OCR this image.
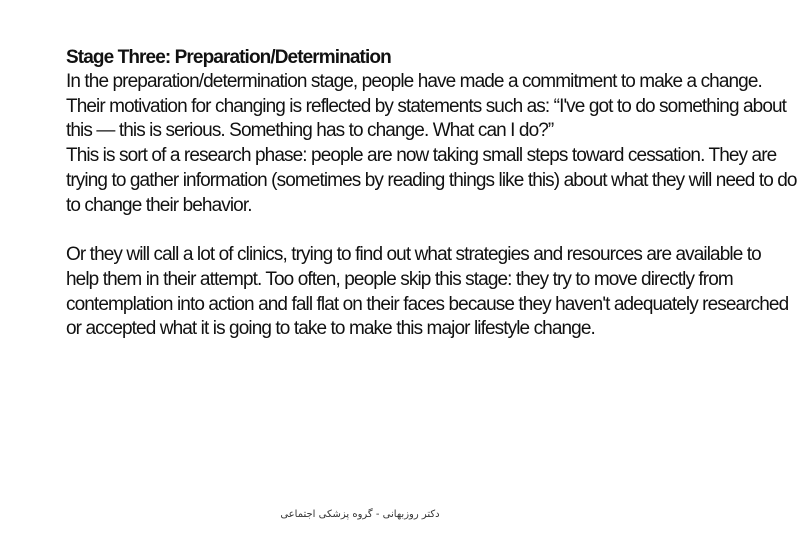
Stage Three: Preparation/Determination
In the preparation/determination stage, people have made a commitment to make a change.
Their motivation for changing is reflected by statements such as: “I've got to do something about
this — this is serious. Something has to change. What can I do?”
This is sort of a research phase: people are now taking small steps toward cessation. They are
trying to gather information (sometimes by reading things like this) about what they will need to do
to change their behavior.
Or they will call a lot of clinics, trying to find out what strategies and resources are available to
help them in their attempt. Too often, people skip this stage: they try to move directly from
contemplation into action and fall flat on their faces because they haven't adequately researched
or accepted what it is going to take to make this major lifestyle change.
دکتر روزبهانی - گروه پزشکی اجتماعی
